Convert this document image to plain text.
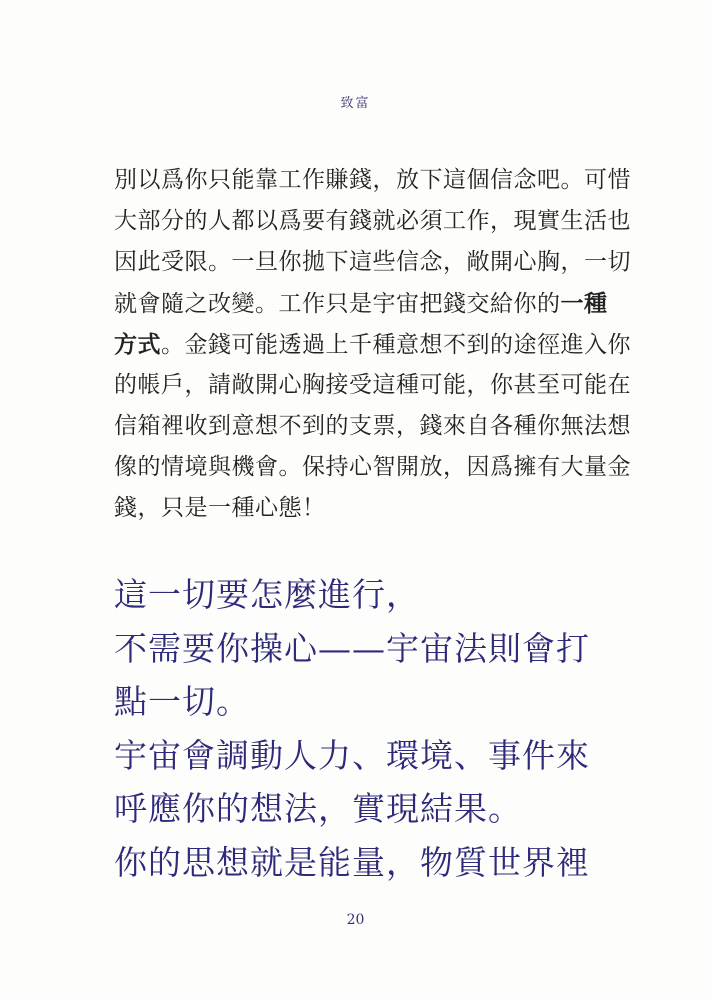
致富
別以爲你只能靠工作賺錢，放下這個信念吧。可惜
大部分的人都以爲要有錢就必須工作，現實生活也
因此受限。一旦你拋下這些信念，敞開心胸，一切
就會隨之改變。工作只是宇宙把錢交給你的一種
方式。金錢可能透過上千種意想不到的途徑進入你
的帳戶，請敞開心胸接受這種可能，你甚至可能在
信箱裡收到意想不到的支票，錢來自各種你無法想
像的情境與機會。保持心智開放，因爲擁有大量金
錢，只是一種心態！
這一切要怎麼進行，
不需要你操心——宇宙法則會打
點一切。
宇宙會調動人力、環境、事件來
呼應你的想法，實現結果。
你的思想就是能量，物質世界裡
20
